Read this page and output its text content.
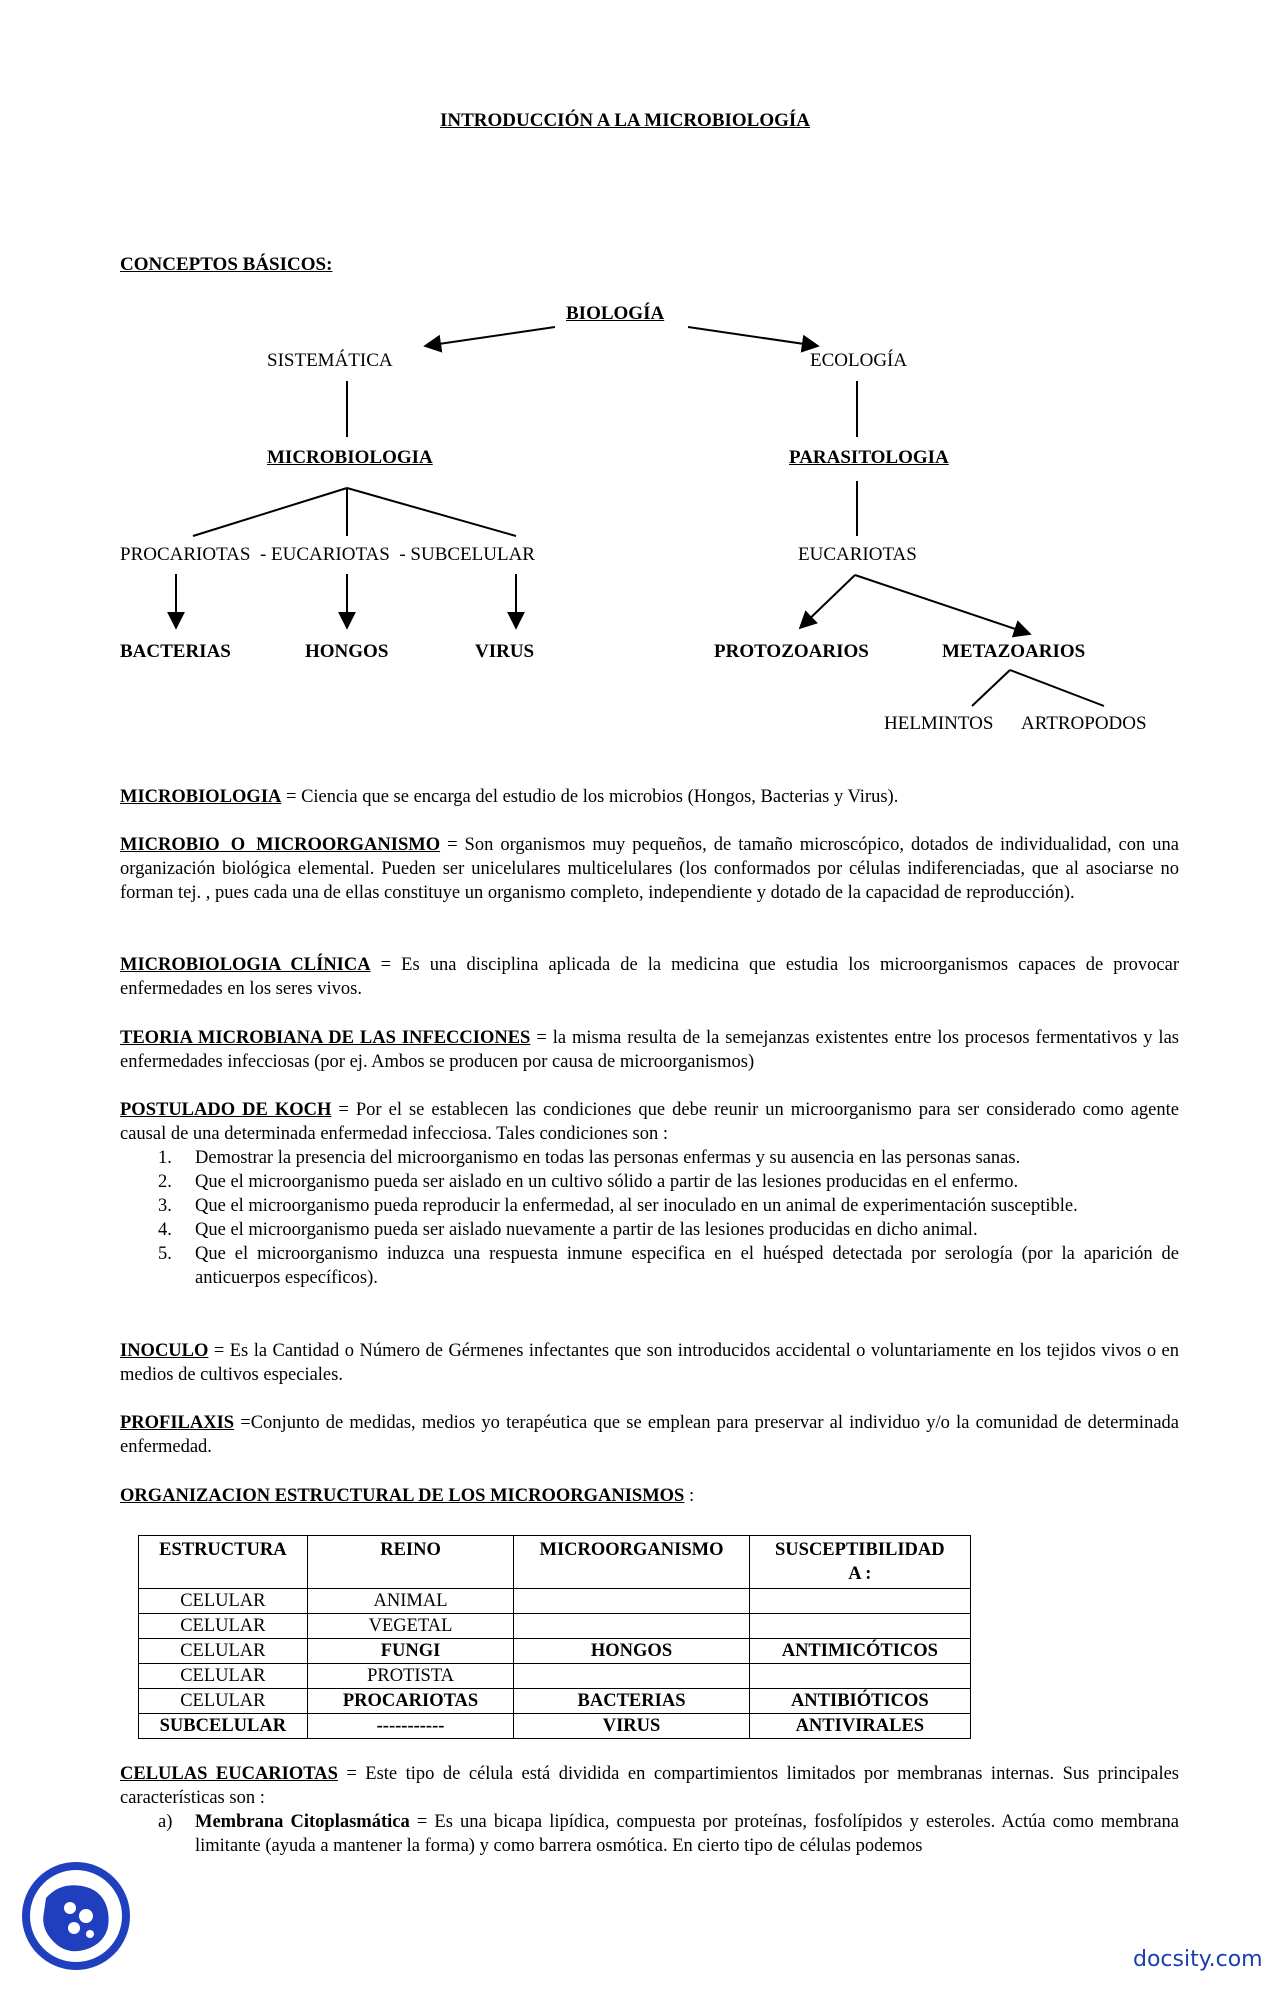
INTRODUCCIÓN A LA MICROBIOLOGÍA
CONCEPTOS BÁSICOS:
BIOLOGÍA
SISTEMÁTICA	ECOLOGÍA
MICROBIOLOGIA	PARASITOLOGIA
PROCARIOTAS  - EUCARIOTAS  - SUBCELULAR	EUCARIOTAS
BACTERIAS	HONGOS	VIRUS	PROTOZOARIOS	METAZOARIOS
HELMINTOS ARTROPODOS
MICROBIOLOGIA = Ciencia que se encarga del estudio de los microbios (Hongos, Bacterias y Virus).
MICROBIO O MICROORGANISMO = Son organismos muy pequeños, de tamaño microscópico, dotados de individualidad, con una organización biológica elemental. Pueden ser unicelulares multicelulares (los conformados por células indiferenciadas, que al asociarse no forman tej. , pues cada una de ellas constituye un organismo completo, independiente y dotado de la capacidad de reproducción).
MICROBIOLOGIA CLÍNICA = Es una disciplina aplicada de la medicina que estudia los microorganismos capaces de provocar enfermedades en los seres vivos.
TEORIA MICROBIANA DE LAS INFECCIONES = la misma resulta de la semejanzas existentes entre los procesos fermentativos y las enfermedades infecciosas (por ej. Ambos se producen por causa de microorganismos)
POSTULADO DE KOCH = Por el se establecen las condiciones que debe reunir un microorganismo para ser considerado como agente causal de una determinada enfermedad infecciosa. Tales condiciones son :
1. Demostrar la presencia del microorganismo en todas las personas enfermas y su ausencia en las personas sanas.
2. Que el microorganismo pueda ser aislado en un cultivo sólido a partir de las lesiones producidas en el enfermo.
3. Que el microorganismo pueda reproducir la enfermedad, al ser inoculado en un animal de experimentación susceptible.
4. Que el microorganismo pueda ser aislado nuevamente a partir de las lesiones producidas en dicho animal.
5. Que el microorganismo induzca una respuesta inmune especifica en el huésped detectada por serología (por la aparición de anticuerpos específicos).
INOCULO = Es la Cantidad o Número de Gérmenes infectantes que son introducidos accidental o voluntariamente en los tejidos vivos o en medios de cultivos especiales.
PROFILAXIS =Conjunto de medidas, medios yo terapéutica que se emplean para preservar al individuo y/o la comunidad de determinada enfermedad.
ORGANIZACION ESTRUCTURAL DE LOS MICROORGANISMOS :
ESTRUCTURA	REINO	MICROORGANISMO	SUSCEPTIBILIDAD A :
CELULAR	ANIMAL		
CELULAR	VEGETAL		
CELULAR	FUNGI	HONGOS	ANTIMICÓTICOS
CELULAR	PROTISTA		
CELULAR	PROCARIOTAS	BACTERIAS	ANTIBIÓTICOS
SUBCELULAR	-----------	VIRUS	ANTIVIRALES
CELULAS EUCARIOTAS = Este tipo de célula está dividida en compartimientos limitados por membranas internas. Sus principales características son :
a) Membrana Citoplasmática = Es una bicapa lipídica, compuesta por proteínas, fosfolípidos y esteroles. Actúa como membrana limitante (ayuda a mantener la forma) y como barrera osmótica. En cierto tipo de células podemos
docsity.com
